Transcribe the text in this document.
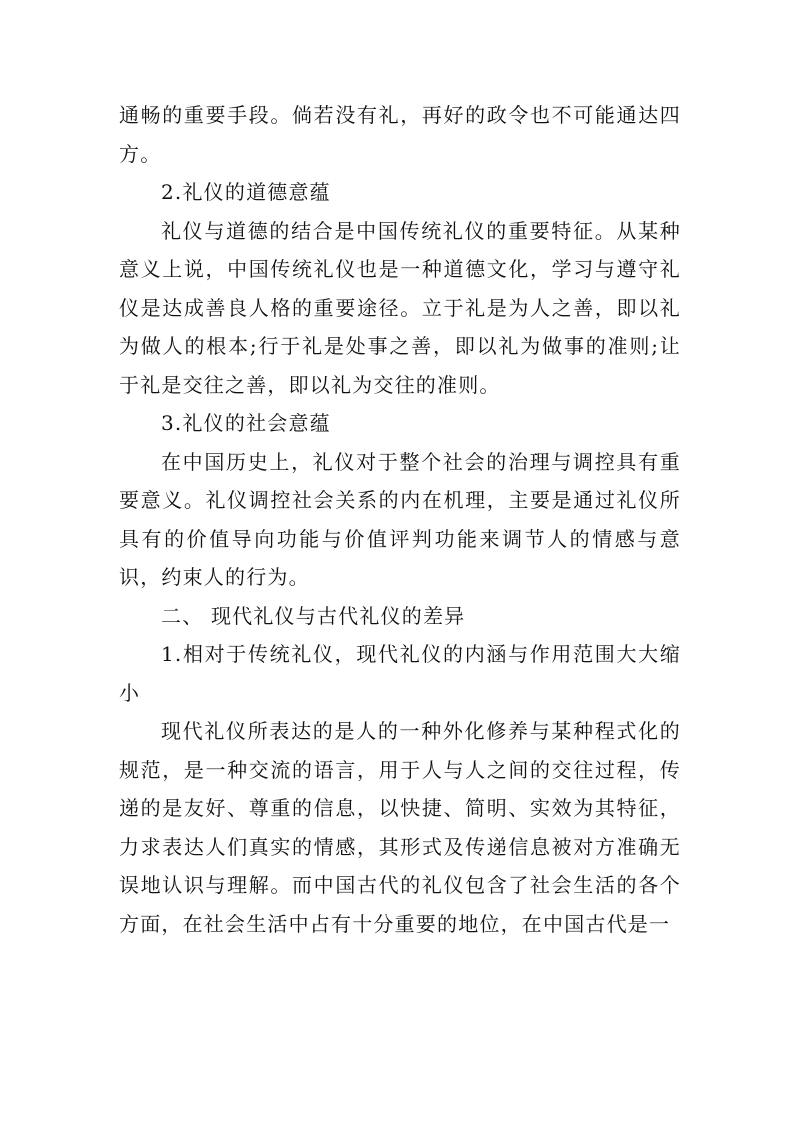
通畅的重要手段。倘若没有礼，再好的政令也不可能通达四方。

2.礼仪的道德意蕴

礼仪与道德的结合是中国传统礼仪的重要特征。从某种意义上说，中国传统礼仪也是一种道德文化，学习与遵守礼仪是达成善良人格的重要途径。立于礼是为人之善，即以礼为做人的根本;行于礼是处事之善，即以礼为做事的准则;让于礼是交往之善，即以礼为交往的准则。

3.礼仪的社会意蕴

在中国历史上，礼仪对于整个社会的治理与调控具有重要意义。礼仪调控社会关系的内在机理，主要是通过礼仪所具有的价值导向功能与价值评判功能来调节人的情感与意识，约束人的行为。

二、 现代礼仪与古代礼仪的差异

1.相对于传统礼仪，现代礼仪的内涵与作用范围大大缩小

现代礼仪所表达的是人的一种外化修养与某种程式化的规范，是一种交流的语言，用于人与人之间的交往过程，传递的是友好、尊重的信息，以快捷、简明、实效为其特征，力求表达人们真实的情感，其形式及传递信息被对方准确无误地认识与理解。而中国古代的礼仪包含了社会生活的各个方面，在社会生活中占有十分重要的地位，在中国古代是一
